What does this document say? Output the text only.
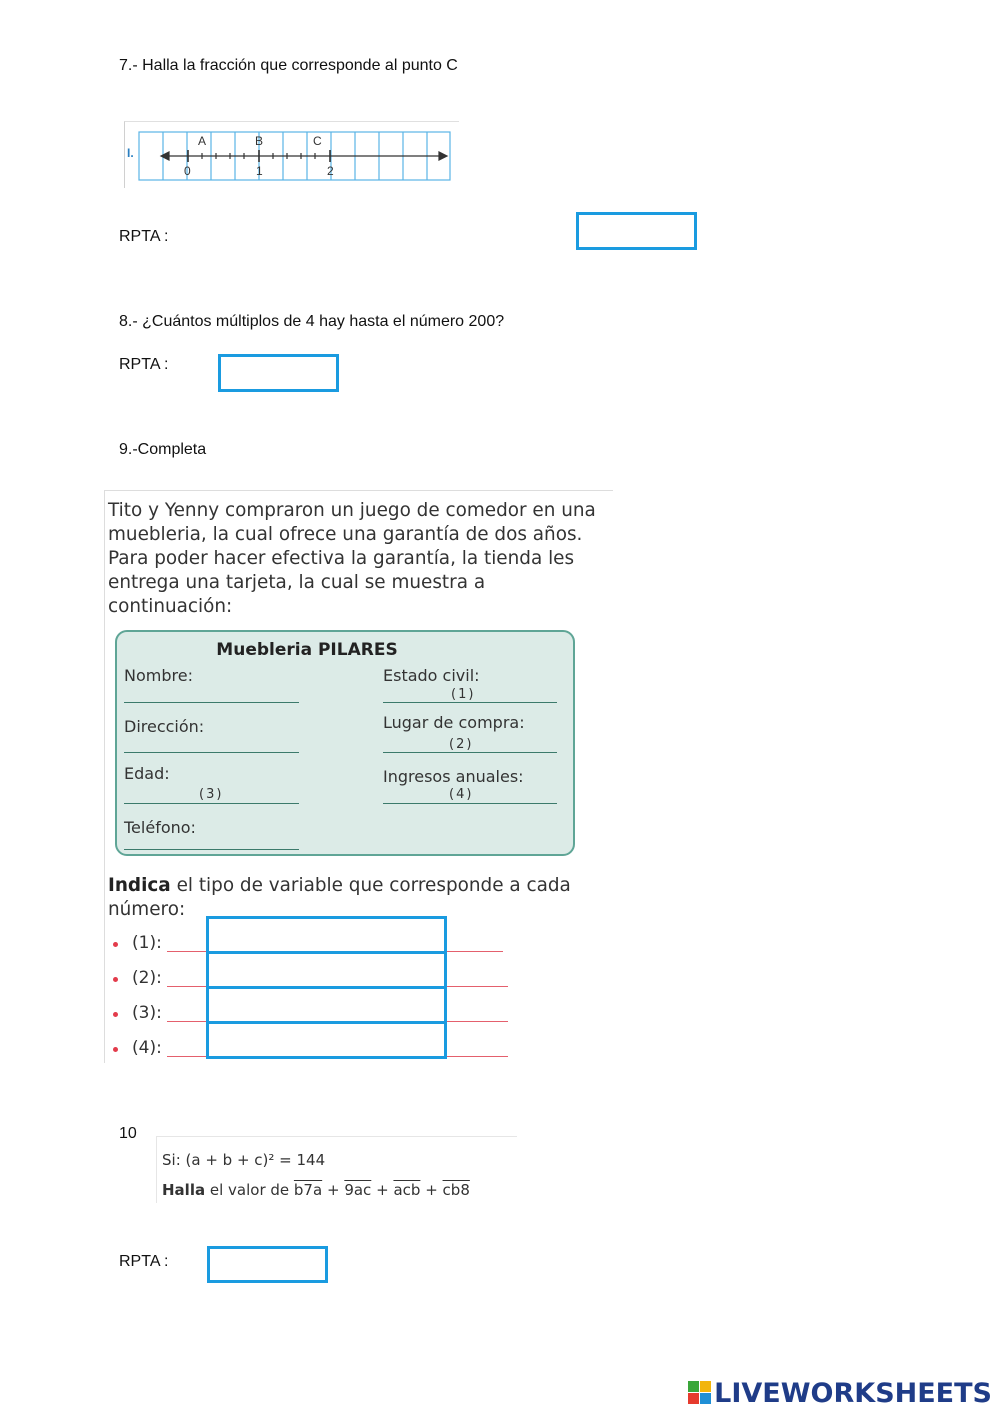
7.- Halla la fracción que corresponde al punto C
I.
A	B	C
0	1	2
RPTA :
8.- ¿Cuántos múltiplos de 4 hay hasta el número 200?
RPTA :
9.-Completa
Tito y Yenny compraron un juego de comedor en una muebleria, la cual ofrece una garantía de dos años. Para poder hacer efectiva la garantía, la tienda les entrega una tarjeta, la cual se muestra a continuación:
Muebleria PILARES
Nombre:
Dirección:
Edad:
(3)
Teléfono:
Estado civil:
(1)
Lugar de compra:
(2)
Ingresos anuales:
(4)
Indica el tipo de variable que corresponde a cada número:
(1):
(2):
(3):
(4):
10
Si: (a + b + c)² = 144
Halla el valor de $b7a + 9ac + \overline{acb} + cb8$
RPTA :
LIVEWORKSHEETS
